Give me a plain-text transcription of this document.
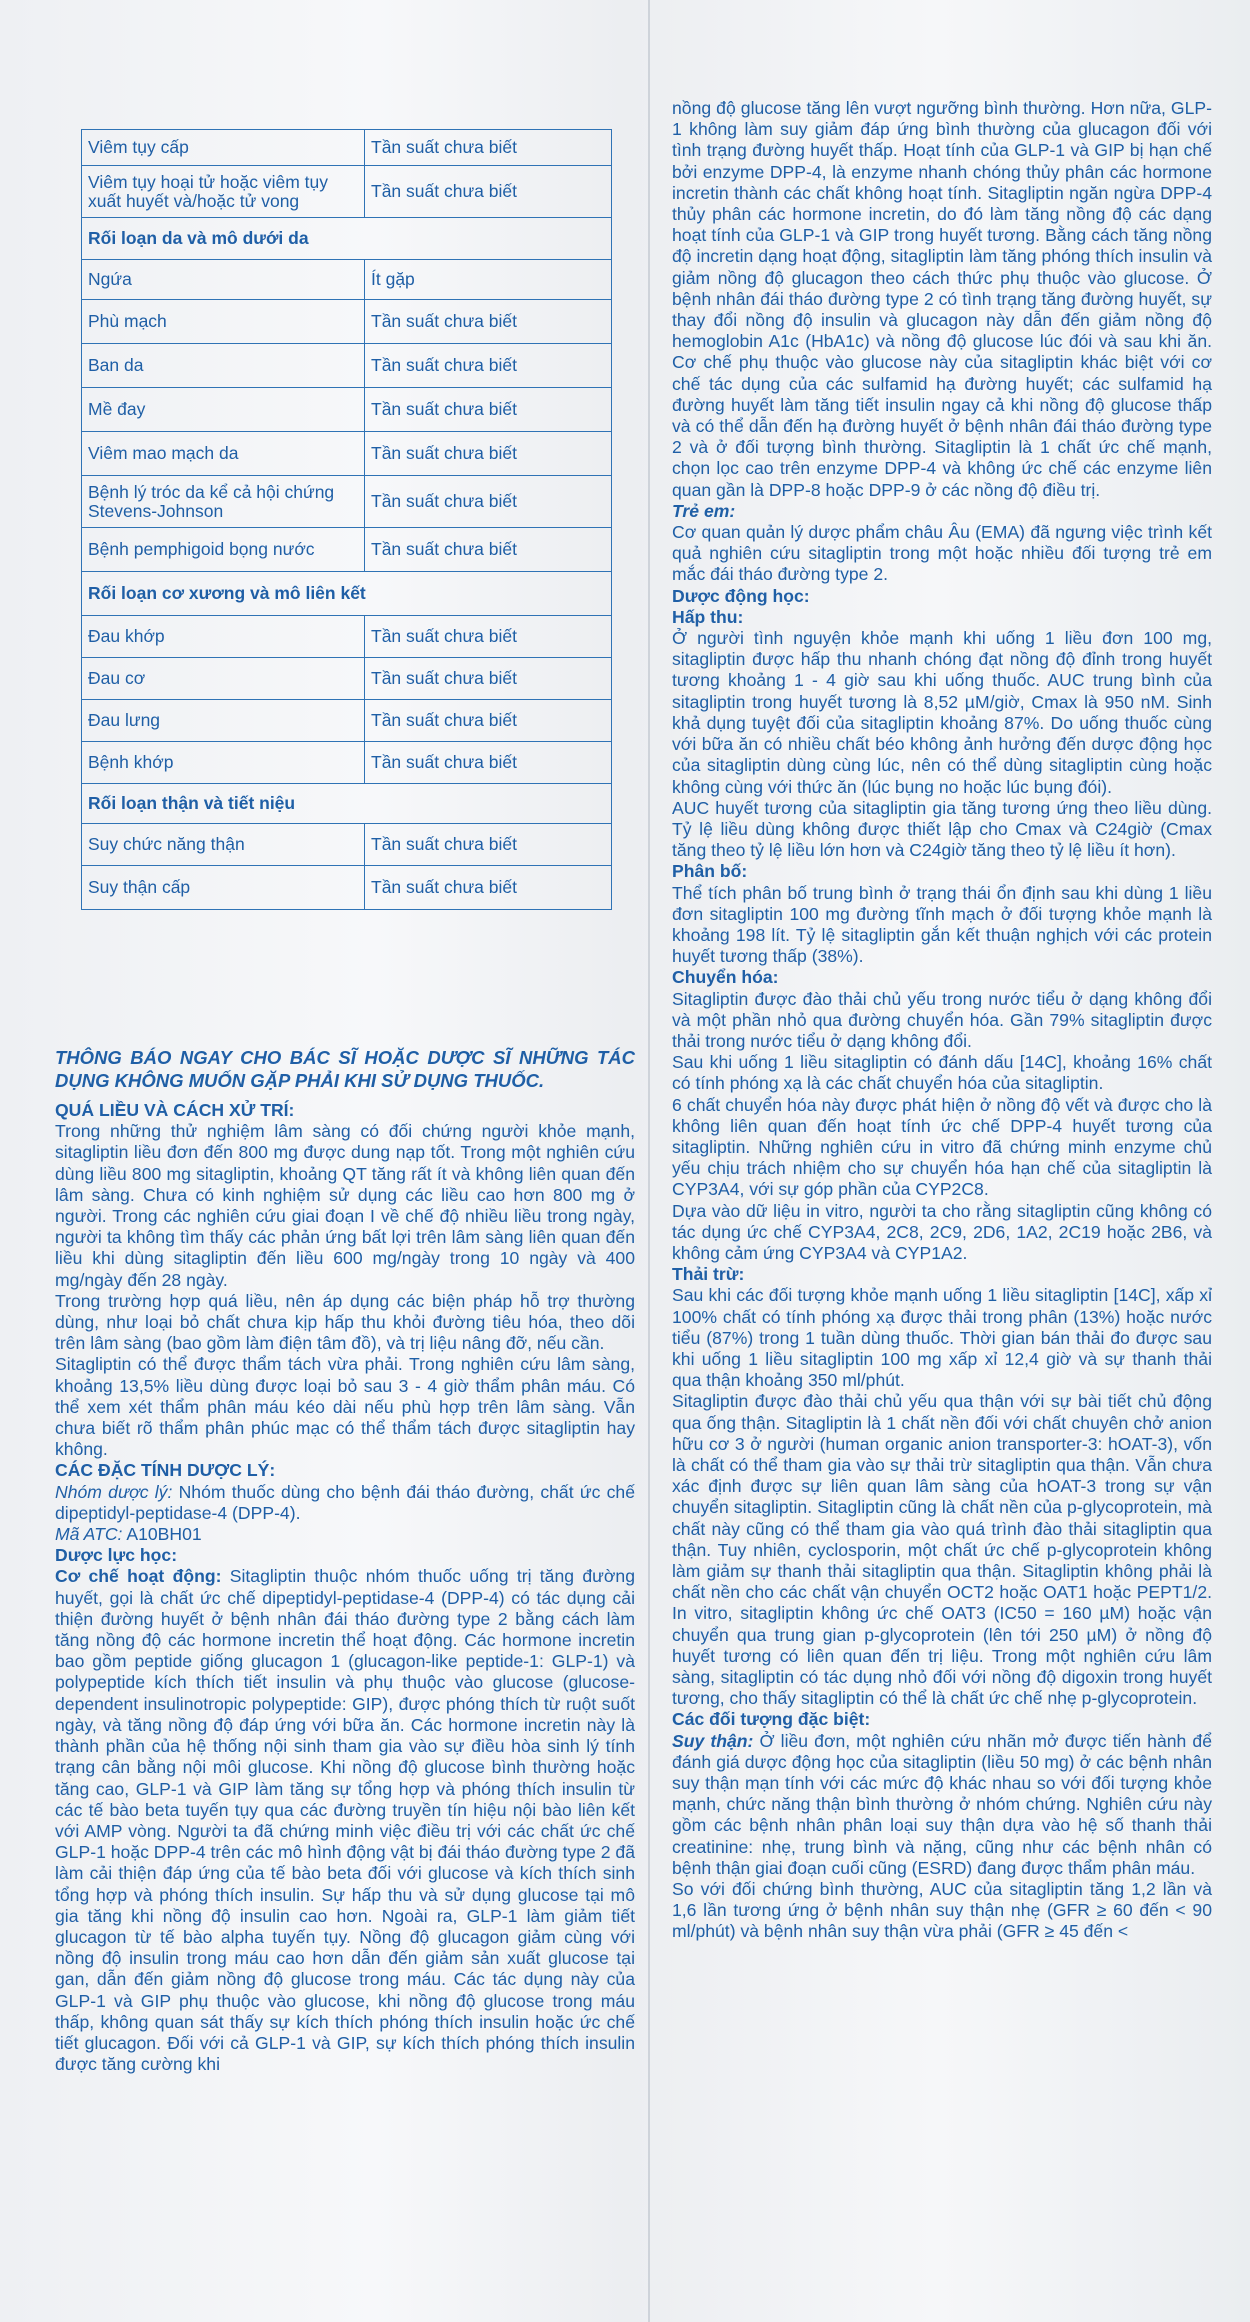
Viêm tụy cấp	Tần suất chưa biết
Viêm tụy hoại tử hoặc viêm tụy xuất huyết và/hoặc tử vong	Tần suất chưa biết
Rối loạn da và mô dưới da	
Ngứa	Ít gặp
Phù mạch	Tần suất chưa biết
Ban da	Tần suất chưa biết
Mề đay	Tần suất chưa biết
Viêm mao mạch da	Tần suất chưa biết
Bệnh lý tróc da kể cả hội chứng Stevens-Johnson	Tần suất chưa biết
Bệnh pemphigoid bọng nước	Tần suất chưa biết
Rối loạn cơ xương và mô liên kết	
Đau khớp	Tần suất chưa biết
Đau cơ	Tần suất chưa biết
Đau lưng	Tần suất chưa biết
Bệnh khớp	Tần suất chưa biết
Rối loạn thận và tiết niệu	
Suy chức năng thận	Tần suất chưa biết
Suy thận cấp	Tần suất chưa biết

THÔNG BÁO NGAY CHO BÁC SĨ HOẶC DƯỢC SĨ NHỮNG TÁC DỤNG KHÔNG MUỐN GẶP PHẢI KHI SỬ DỤNG THUỐC.

QUÁ LIỀU VÀ CÁCH XỬ TRÍ:

Trong những thử nghiệm lâm sàng có đối chứng người khỏe mạnh, sitagliptin liều đơn đến 800 mg được dung nạp tốt. Trong một nghiên cứu dùng liều 800 mg sitagliptin, khoảng QT tăng rất ít và không liên quan đến lâm sàng. Chưa có kinh nghiệm sử dụng các liều cao hơn 800 mg ở người. Trong các nghiên cứu giai đoạn I về chế độ nhiều liều trong ngày, người ta không tìm thấy các phản ứng bất lợi trên lâm sàng liên quan đến liều khi dùng sitagliptin đến liều 600 mg/ngày trong 10 ngày và 400 mg/ngày đến 28 ngày.

Trong trường hợp quá liều, nên áp dụng các biện pháp hỗ trợ thường dùng, như loại bỏ chất chưa kịp hấp thu khỏi đường tiêu hóa, theo dõi trên lâm sàng (bao gồm làm điện tâm đồ), và trị liệu nâng đỡ, nếu cần.

Sitagliptin có thể được thẩm tách vừa phải. Trong nghiên cứu lâm sàng, khoảng 13,5% liều dùng được loại bỏ sau 3 - 4 giờ thẩm phân máu. Có thể xem xét thẩm phân máu kéo dài nếu phù hợp trên lâm sàng. Vẫn chưa biết rõ thẩm phân phúc mạc có thể thẩm tách được sitagliptin hay không.

CÁC ĐẶC TÍNH DƯỢC LÝ:

Nhóm dược lý: Nhóm thuốc dùng cho bệnh đái tháo đường, chất ức chế dipeptidyl-peptidase-4 (DPP-4).

Mã ATC: A10BH01

Dược lực học:

Cơ chế hoạt động: Sitagliptin thuộc nhóm thuốc uống trị tăng đường huyết, gọi là chất ức chế dipeptidyl-peptidase-4 (DPP-4) có tác dụng cải thiện đường huyết ở bệnh nhân đái tháo đường type 2 bằng cách làm tăng nồng độ các hormone incretin thể hoạt động. Các hormone incretin bao gồm peptide giống glucagon 1 (glucagon-like peptide-1: GLP-1) và polypeptide kích thích tiết insulin và phụ thuộc vào glucose (glucose-dependent insulinotropic polypeptide: GIP), được phóng thích từ ruột suốt ngày, và tăng nồng độ đáp ứng với bữa ăn. Các hormone incretin này là thành phần của hệ thống nội sinh tham gia vào sự điều hòa sinh lý tính trạng cân bằng nội môi glucose. Khi nồng độ glucose bình thường hoặc tăng cao, GLP-1 và GIP làm tăng sự tổng hợp và phóng thích insulin từ các tế bào beta tuyến tụy qua các đường truyền tín hiệu nội bào liên kết với AMP vòng. Người ta đã chứng minh việc điều trị với các chất ức chế GLP-1 hoặc DPP-4 trên các mô hình động vật bị đái tháo đường type 2 đã làm cải thiện đáp ứng của tế bào beta đối với glucose và kích thích sinh tổng hợp và phóng thích insulin. Sự hấp thu và sử dụng glucose tại mô gia tăng khi nồng độ insulin cao hơn. Ngoài ra, GLP-1 làm giảm tiết glucagon từ tế bào alpha tuyến tụy. Nồng độ glucagon giảm cùng với nồng độ insulin trong máu cao hơn dẫn đến giảm sản xuất glucose tại gan, dẫn đến giảm nồng độ glucose trong máu. Các tác dụng này của GLP-1 và GIP phụ thuộc vào glucose, khi nồng độ glucose trong máu thấp, không quan sát thấy sự kích thích phóng thích insulin hoặc ức chế tiết glucagon. Đối với cả GLP-1 và GIP, sự kích thích phóng thích insulin được tăng cường khi

nồng độ glucose tăng lên vượt ngưỡng bình thường. Hơn nữa, GLP-1 không làm suy giảm đáp ứng bình thường của glucagon đối với tình trạng đường huyết thấp. Hoạt tính của GLP-1 và GIP bị hạn chế bởi enzyme DPP-4, là enzyme nhanh chóng thủy phân các hormone incretin thành các chất không hoạt tính. Sitagliptin ngăn ngừa DPP-4 thủy phân các hormone incretin, do đó làm tăng nồng độ các dạng hoạt tính của GLP-1 và GIP trong huyết tương. Bằng cách tăng nồng độ incretin dạng hoạt động, sitagliptin làm tăng phóng thích insulin và giảm nồng độ glucagon theo cách thức phụ thuộc vào glucose. Ở bệnh nhân đái tháo đường type 2 có tình trạng tăng đường huyết, sự thay đổi nồng độ insulin và glucagon này dẫn đến giảm nồng độ hemoglobin A1c (HbA1c) và nồng độ glucose lúc đói và sau khi ăn. Cơ chế phụ thuộc vào glucose này của sitagliptin khác biệt với cơ chế tác dụng của các sulfamid hạ đường huyết; các sulfamid hạ đường huyết làm tăng tiết insulin ngay cả khi nồng độ glucose thấp và có thể dẫn đến hạ đường huyết ở bệnh nhân đái tháo đường type 2 và ở đối tượng bình thường. Sitagliptin là 1 chất ức chế mạnh, chọn lọc cao trên enzyme DPP-4 và không ức chế các enzyme liên quan gần là DPP-8 hoặc DPP-9 ở các nồng độ điều trị.

Trẻ em:

Cơ quan quản lý dược phẩm châu Âu (EMA) đã ngưng việc trình kết quả nghiên cứu sitagliptin trong một hoặc nhiều đối tượng trẻ em mắc đái tháo đường type 2.

Dược động học:

Hấp thu:

Ở người tình nguyện khỏe mạnh khi uống 1 liều đơn 100 mg, sitagliptin được hấp thu nhanh chóng đạt nồng độ đỉnh trong huyết tương khoảng 1 - 4 giờ sau khi uống thuốc. AUC trung bình của sitagliptin trong huyết tương là 8,52 µM/giờ, Cmax là 950 nM. Sinh khả dụng tuyệt đối của sitagliptin khoảng 87%. Do uống thuốc cùng với bữa ăn có nhiều chất béo không ảnh hưởng đến dược động học của sitagliptin dùng cùng lúc, nên có thể dùng sitagliptin cùng hoặc không cùng với thức ăn (lúc bụng no hoặc lúc bụng đói).

AUC huyết tương của sitagliptin gia tăng tương ứng theo liều dùng. Tỷ lệ liều dùng không được thiết lập cho Cmax và C24giờ (Cmax tăng theo tỷ lệ liều lớn hơn và C24giờ tăng theo tỷ lệ liều ít hơn).

Phân bố:

Thể tích phân bố trung bình ở trạng thái ổn định sau khi dùng 1 liều đơn sitagliptin 100 mg đường tĩnh mạch ở đối tượng khỏe mạnh là khoảng 198 lít. Tỷ lệ sitagliptin gắn kết thuận nghịch với các protein huyết tương thấp (38%).

Chuyển hóa:

Sitagliptin được đào thải chủ yếu trong nước tiểu ở dạng không đổi và một phần nhỏ qua đường chuyển hóa. Gần 79% sitagliptin được thải trong nước tiểu ở dạng không đổi.

Sau khi uống 1 liều sitagliptin có đánh dấu [14C], khoảng 16% chất có tính phóng xạ là các chất chuyển hóa của sitagliptin.

6 chất chuyển hóa này được phát hiện ở nồng độ vết và được cho là không liên quan đến hoạt tính ức chế DPP-4 huyết tương của sitagliptin. Những nghiên cứu in vitro đã chứng minh enzyme chủ yếu chịu trách nhiệm cho sự chuyển hóa hạn chế của sitagliptin là CYP3A4, với sự góp phần của CYP2C8.

Dựa vào dữ liệu in vitro, người ta cho rằng sitagliptin cũng không có tác dụng ức chế CYP3A4, 2C8, 2C9, 2D6, 1A2, 2C19 hoặc 2B6, và không cảm ứng CYP3A4 và CYP1A2.

Thải trừ:

Sau khi các đối tượng khỏe mạnh uống 1 liều sitagliptin [14C], xấp xỉ 100% chất có tính phóng xạ được thải trong phân (13%) hoặc nước tiểu (87%) trong 1 tuần dùng thuốc. Thời gian bán thải đo được sau khi uống 1 liều sitagliptin 100 mg xấp xỉ 12,4 giờ và sự thanh thải qua thận khoảng 350 ml/phút.

Sitagliptin được đào thải chủ yếu qua thận với sự bài tiết chủ động qua ống thận. Sitagliptin là 1 chất nền đối với chất chuyên chở anion hữu cơ 3 ở người (human organic anion transporter-3: hOAT-3), vốn là chất có thể tham gia vào sự thải trừ sitagliptin qua thận. Vẫn chưa xác định được sự liên quan lâm sàng của hOAT-3 trong sự vận chuyển sitagliptin. Sitagliptin cũng là chất nền của p-glycoprotein, mà chất này cũng có thể tham gia vào quá trình đào thải sitagliptin qua thận. Tuy nhiên, cyclosporin, một chất ức chế p-glycoprotein không làm giảm sự thanh thải sitagliptin qua thận. Sitagliptin không phải là chất nền cho các chất vận chuyển OCT2 hoặc OAT1 hoặc PEPT1/2. In vitro, sitagliptin không ức chế OAT3 (IC50 = 160 µM) hoặc vận chuyển qua trung gian p-glycoprotein (lên tới 250 µM) ở nồng độ huyết tương có liên quan đến trị liệu. Trong một nghiên cứu lâm sàng, sitagliptin có tác dụng nhỏ đối với nồng độ digoxin trong huyết tương, cho thấy sitagliptin có thể là chất ức chế nhẹ p-glycoprotein.

Các đối tượng đặc biệt:

Suy thận: Ở liều đơn, một nghiên cứu nhãn mở được tiến hành để đánh giá dược động học của sitagliptin (liều 50 mg) ở các bệnh nhân suy thận mạn tính với các mức độ khác nhau so với đối tượng khỏe mạnh, chức năng thận bình thường ở nhóm chứng. Nghiên cứu này gồm các bệnh nhân phân loại suy thận dựa vào hệ số thanh thải creatinine: nhẹ, trung bình và nặng, cũng như các bệnh nhân có bệnh thận giai đoạn cuối cũng (ESRD) đang được thẩm phân máu.

So với đối chứng bình thường, AUC của sitagliptin tăng 1,2 lần và 1,6 lần tương ứng ở bệnh nhân suy thận nhẹ (GFR ≥ 60 đến < 90 ml/phút) và bệnh nhân suy thận vừa phải (GFR ≥ 45 đến <
